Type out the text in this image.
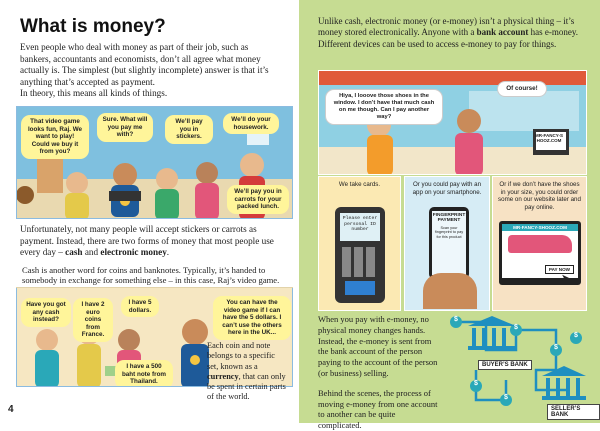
What is money?

Even people who deal with money as part of their job, such as

bankers, accountants and economists, don’t all agree what money

actually is. The simplest (but slightly incomplete) answer is that it’s

anything that’s accepted as payment.

In theory, this means all kinds of things.

That video game looks fun, Raj. We want to play! Could we buy it from you?
Sure. What will you pay me with?
We’ll pay you in stickers.
We’ll do your housework.
We’ll pay you in carrots for your packed lunch.
Unfortunately, not many people will accept stickers or carrots as payment. Instead, there are two forms of money that most people use every day – cash and electronic money.
Have you got any cash instead?
I have 2 euro coins from France.
I have 5 dollars.
You can have the video game if I can have the 5 dollars. I can’t use the others here in the UK...
I have a 500 baht note from Thailand.
Cash is another word for coins and banknotes. Typically, it’s handed to somebody in exchange for something else – in this case, Raj’s video game.
Each coin and note belongs to a specific set, known as a currency, that can only be spent in certain parts of the world.
4
Unlike cash, electronic money (or e-money) isn’t a physical thing – it’s money stored electronically. Anyone with a bank account has e-money. Different devices can be used to access e-money to pay for things.
Hiya, I looove those shoes in the window. I don’t have that much cash on me though. Can I pay another way?
Of course!
MR-FANCY-SHOOZ.COM
We take cards.
Please enter personal ID number
Or you could pay with an app on your smartphone.
FINGERPRINT PAYMENT
Scan your fingerprint to pay for this product
Or if we don’t have the shoes in your size, you could order some on our website later and pay online.
MR-FANCY-SHOOZ.COM
PAY NOW
➤

When you pay with e-money, no physical money changes hands. Instead, the e-money is sent from the bank account of the person paying to the account of the person (or business) selling.

Behind the scenes, the process of moving e-money from one account to another can be quite complicated.

BUYER’S BANK
SELLER’S BANK
$
$
$
$
$
$
